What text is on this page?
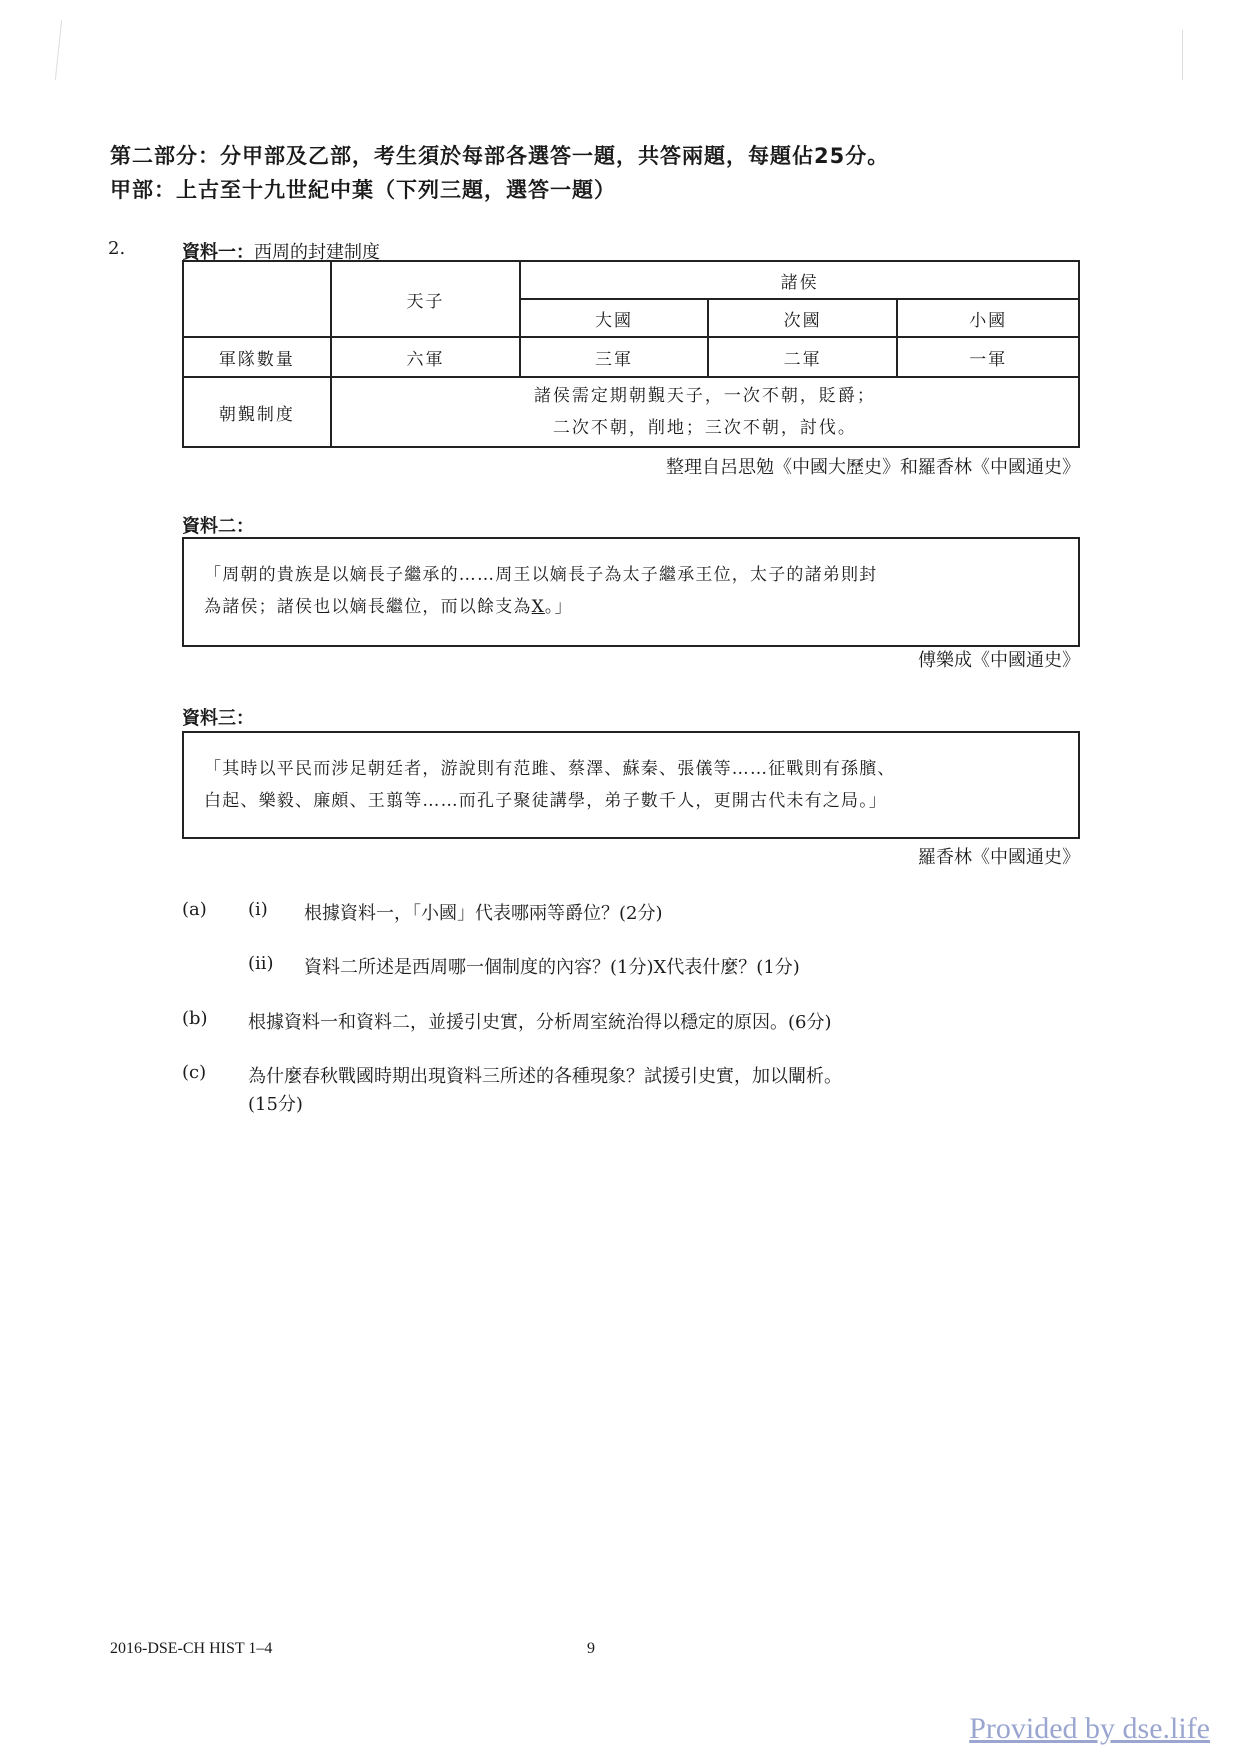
第二部分：分甲部及乙部，考生須於每部各選答一題，共答兩題，每題佔25分。
甲部：上古至十九世紀中葉（下列三題，選答一題）
2.	資料一：西周的封建制度
	天子	諸侯		
		大國	次國	小國
軍隊數量	六軍	三軍	二軍	一軍
朝覲制度	諸侯需定期朝覲天子，一次不朝，貶爵；
二次不朝，削地；三次不朝，討伐。			
整理自呂思勉《中國大歷史》和羅香林《中國通史》
資料二：
「周朝的貴族是以嫡長子繼承的……周王以嫡長子為太子繼承王位，太子的諸弟則封
為諸侯；諸侯也以嫡長繼位，而以餘支為X。」
傅樂成《中國通史》
資料三：
「其時以平民而涉足朝廷者，游說則有范雎、蔡澤、蘇秦、張儀等……征戰則有孫臏、
白起、樂毅、廉頗、王翦等……而孔子聚徒講學，弟子數千人，更開古代未有之局。」
羅香林《中國通史》
(a) (i) 根據資料一，「小國」代表哪兩等爵位？(2分)
(ii) 資料二所述是西周哪一個制度的內容？(1分)X代表什麼？(1分)
(b) 根據資料一和資料二，並援引史實，分析周室統治得以穩定的原因。(6分)
(c) 為什麼春秋戰國時期出現資料三所述的各種現象？試援引史實，加以闡析。
(15分)
2016-DSE-CH HIST 1–4	9
Provided by dse.life
